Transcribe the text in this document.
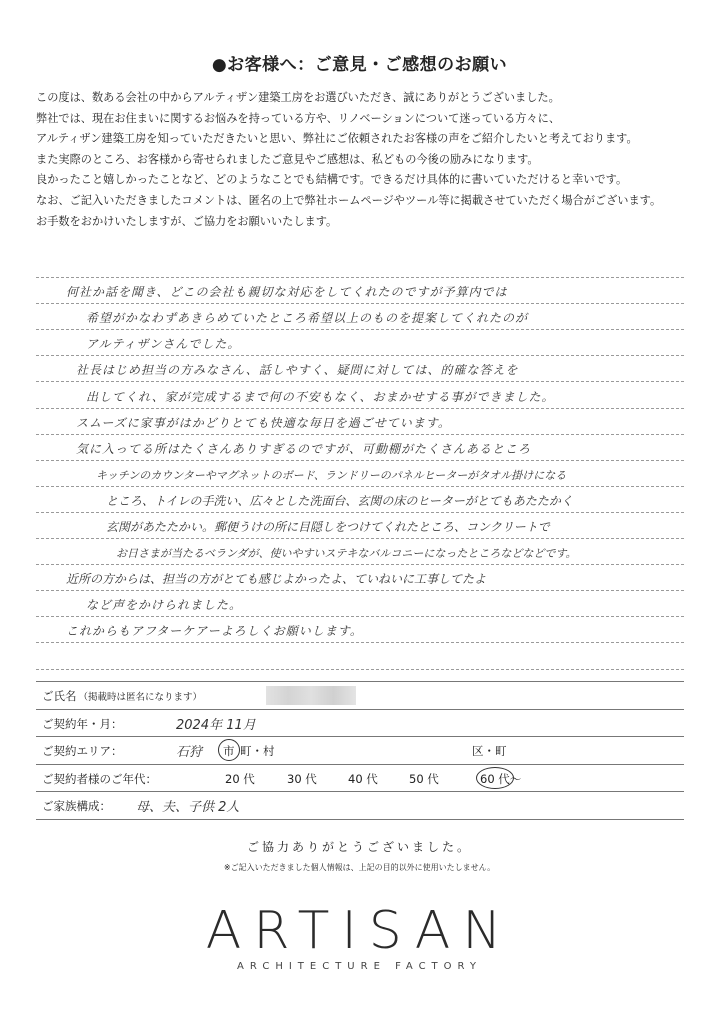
●お客様へ：ご意見・ご感想のお願い

この度は、数ある会社の中からアルティザン建築工房をお選びいただき、誠にありがとうございました。

弊社では、現在お住まいに関するお悩みを持っている方や、リノベーションについて迷っている方々に、

アルティザン建築工房を知っていただきたいと思い、弊社にご依頼されたお客様の声をご紹介したいと考えております。

また実際のところ、お客様から寄せられましたご意見やご感想は、私どもの今後の励みになります。

良かったこと嬉しかったことなど、どのようなことでも結構です。できるだけ具体的に書いていただけると幸いです。

なお、ご記入いただきましたコメントは、匿名の上で弊社ホームページやツール等に掲載させていただく場合がございます。

お手数をおかけいたしますが、ご協力をお願いいたします。

何社か話を聞き、どこの会社も親切な対応をしてくれたのですが予算内では
希望がかなわずあきらめていたところ希望以上のものを提案してくれたのが
アルティザンさんでした。
社長はじめ担当の方みなさん、話しやすく、疑問に対しては、的確な答えを
出してくれ、家が完成するまで何の不安もなく、おまかせする事ができました。
スムーズに家事がはかどりとても快適な毎日を過ごせています。
気に入ってる所はたくさんありすぎるのですが、可動棚がたくさんあるところ
キッチンのカウンターやマグネットのボード、ランドリーのパネルヒーターがタオル掛けになる
ところ、トイレの手洗い、広々とした洗面台、玄関の床のヒーターがとてもあたたかく
玄関があたたかい。郵便うけの所に目隠しをつけてくれたところ、コンクリートで
お日さまが当たるベランダが、使いやすいステキなバルコニーになったところなどなどです。
近所の方からは、担当の方がとても感じよかったよ、ていねいに工事してたよ
など声をかけられました。
これからもアフターケアーよろしくお願いします。
ご氏名 （掲載時は匿名になります）
ご契約年・月：	2024年 11月
ご契約エリア：	石狩 市 町・村	区・町
ご契約者様のご年代：	20 代	30 代	40 代	50 代	60 代〜
ご家族構成： 母、夫、子供 2人
ご協力ありがとうございました。
※ご記入いただきました個人情報は、上記の目的以外に使用いたしません。
ARTISAN
ARCHITECTURE FACTORY
